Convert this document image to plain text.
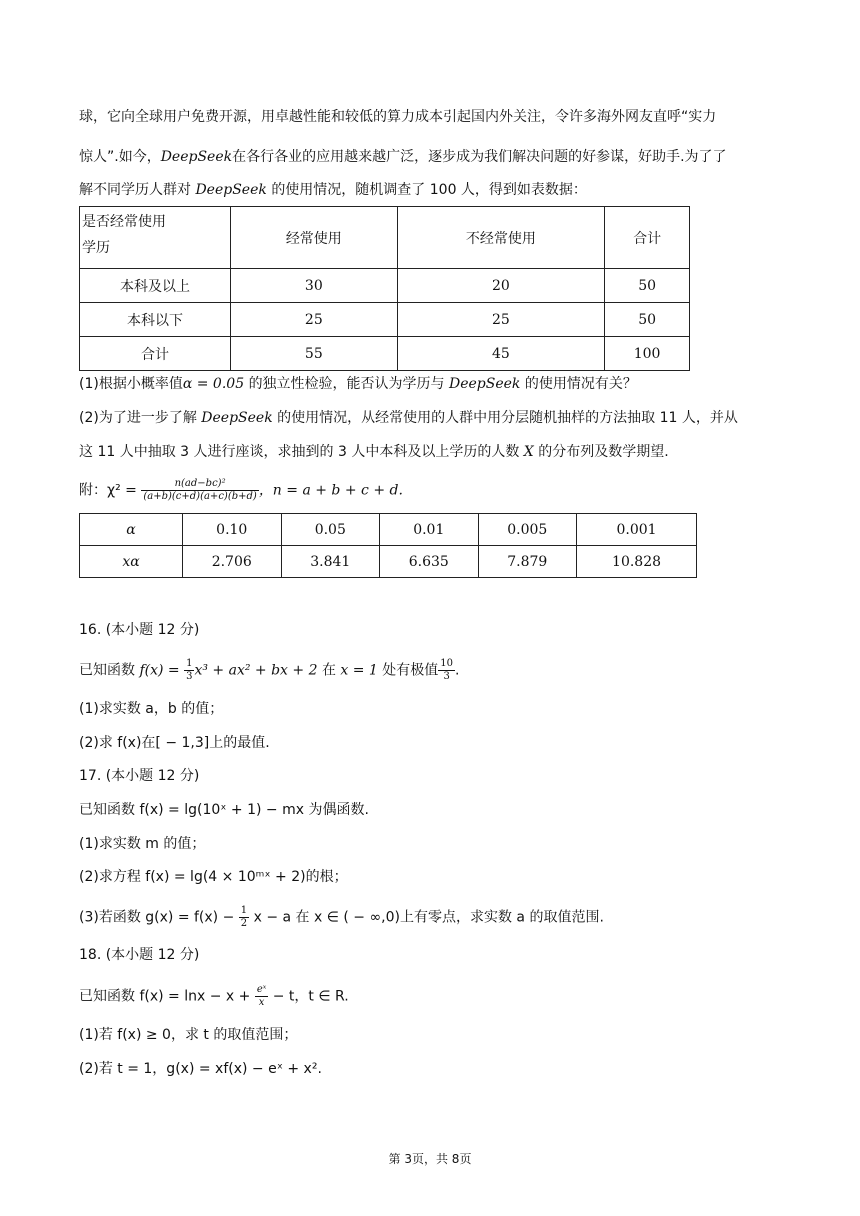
球，它向全球用户免费开源，用卓越性能和较低的算力成本引起国内外关注，令许多海外网友直呼“实力
惊人”.如今，DeepSeek在各行各业的应用越来越广泛，逐步成为我们解决问题的好参谋，好助手.为了了
解不同学历人群对 DeepSeek 的使用情况，随机调查了 100 人，得到如表数据：
是否经常使用
学历	经常使用	不经常使用	合计
本科及以上	30	20	50
本科以下	25	25	50
合计	55	45	100
(1)根据小概率值α = 0.05 的独立性检验，能否认为学历与 DeepSeek 的使用情况有关？
(2)为了进一步了解 DeepSeek 的使用情况，从经常使用的人群中用分层随机抽样的方法抽取 11 人，并从
这 11 人中抽取 3 人进行座谈，求抽到的 3 人中本科及以上学历的人数 X 的分布列及数学期望.
附：$\chi^2 = \frac{\text{n(ad−bc)²}}{(a+b)(c+d)(a+c)(b+d)}$ ，n = a + b + c + d.
α	0.10	0.05	0.01	0.005	0.001
xα	2.706	3.841	6.635	7.879	10.828
16. (本小题 12 分)
已知函数 $f(x) = \frac{1}{3} x^3 + ax^2$ + bx + 2 在 x = 1 处有极值 $\frac{10}{3}$ .
(1)求实数 a，b 的值；
(2)求 f(x)在[ − 1,3]上的最值.
17. (本小题 12 分)
已知函数 f(x) = lg(10ˣ + 1) − mx 为偶函数.
(1)求实数 m 的值；
(2)求方程 f(x) = lg(4 × 10ᵐˣ + 2)的根；
(3)若函数 $g(x) = f(x) - \frac{1}{2}$ x − a 在 x ∈ ( − ∞,0)上有零点，求实数 a 的取值范围.
18. (本小题 12 分)
已知函数 $f(x) = \ln x - x + \frac{\text{eˣ}}{x} - t$，t ∈ R.
(1)若 f(x) ≥ 0，求 t 的取值范围；
(2)若 t = 1，g(x) = xf(x) − eˣ + x².
第 3页，共 8页
